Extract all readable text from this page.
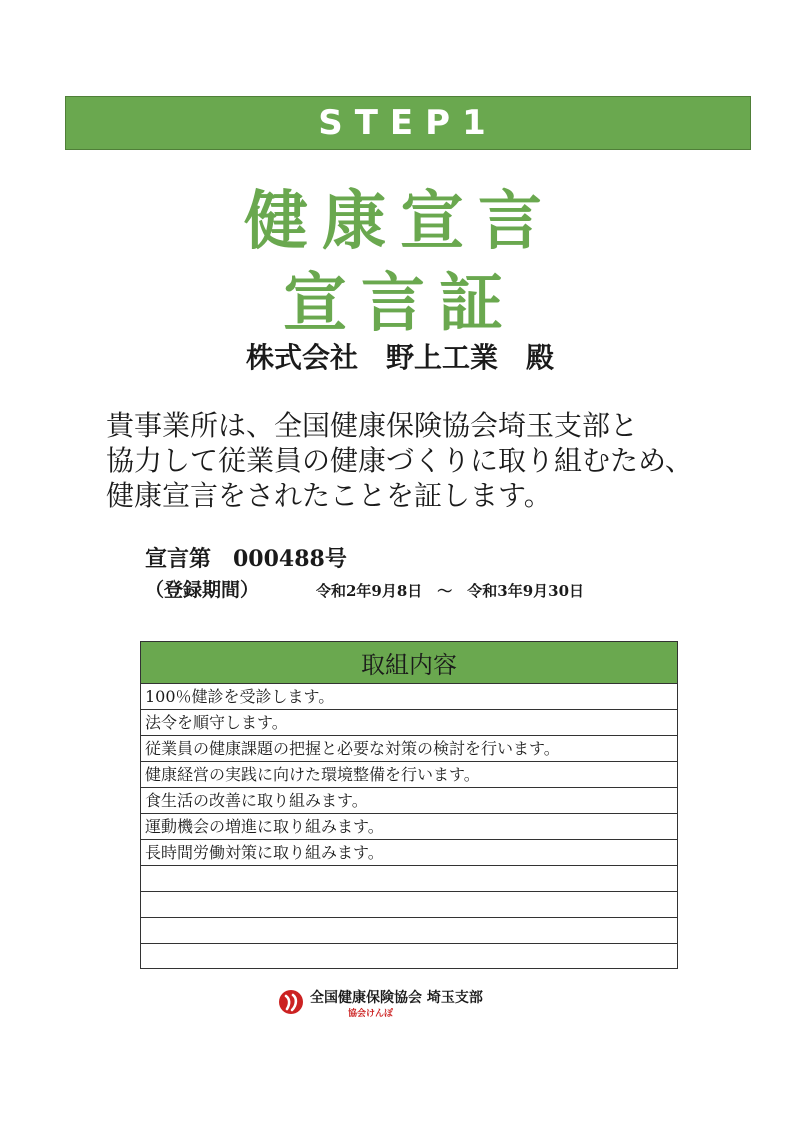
STEP1
健康宣言
宣言証
株式会社　野上工業　殿
貴事業所は、全国健康保険協会埼玉支部と
協力して従業員の健康づくりに取り組むため、
健康宣言をされたことを証します。
宣言第　000488号
（登録期間）	令和2年9月8日　～　令和3年9月30日
取組内容
100％健診を受診します。
法令を順守します。
従業員の健康課題の把握と必要な対策の検討を行います。
健康経営の実践に向けた環境整備を行います。
食生活の改善に取り組みます。
運動機会の増進に取り組みます。
長時間労働対策に取り組みます。
全国健康保険協会 埼玉支部
協会けんぽ
